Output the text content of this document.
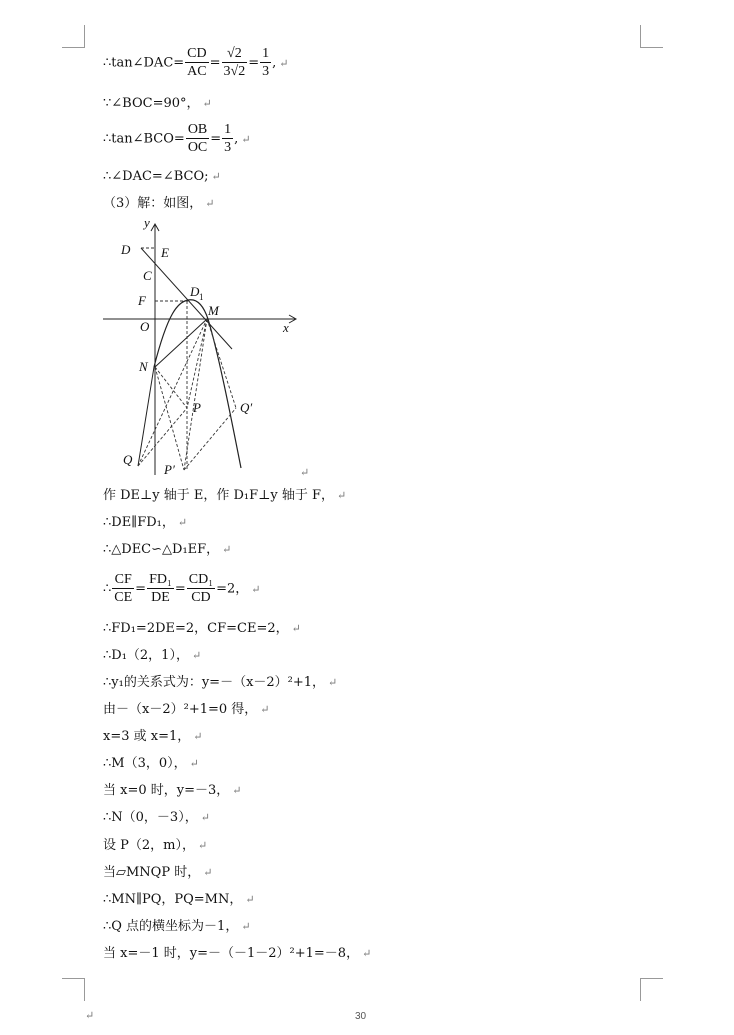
∴tan∠DAC= $\frac{CD}{AC} = \frac{√2}{3√2} = \frac{1}{3}$ , ↵
∵∠BOC=90°， ↵
∴tan∠BCO= $\frac{OB}{OC} = \frac{1}{3}$ , ↵
∴∠DAC=∠BCO; ↵
（3）解：如图， ↵
y
x
D E
C
F
D 1
M
O
N
P	Q′
Q
P′	↵
作 DE⊥y 轴于 E，作 D₁F⊥y 轴于 F， ↵
∴DE∥FD₁， ↵
∴△DEC∽△D₁EF， ↵
∴ $\frac{CF}{CE} = \frac{\text{FD₁}}{DE} = \frac{\text{CD₁}}{CD} =2$， ↵
∴FD₁=2DE=2，CF=CE=2， ↵
∴D₁（2，1）， ↵
∴y₁的关系式为：y=－（x－2）²+1， ↵
由－（x－2）²+1=0 得， ↵
x=3 或 x=1， ↵
∴M（3，0）， ↵
当 x=0 时，y=－3， ↵
∴N（0，－3）， ↵
设 P（2，m）， ↵
当▱MNQP 时， ↵
∴MN∥PQ，PQ=MN， ↵
∴Q 点的横坐标为－1， ↵
当 x=－1 时，y=－（－1－2）²+1=－8， ↵
↵	30
